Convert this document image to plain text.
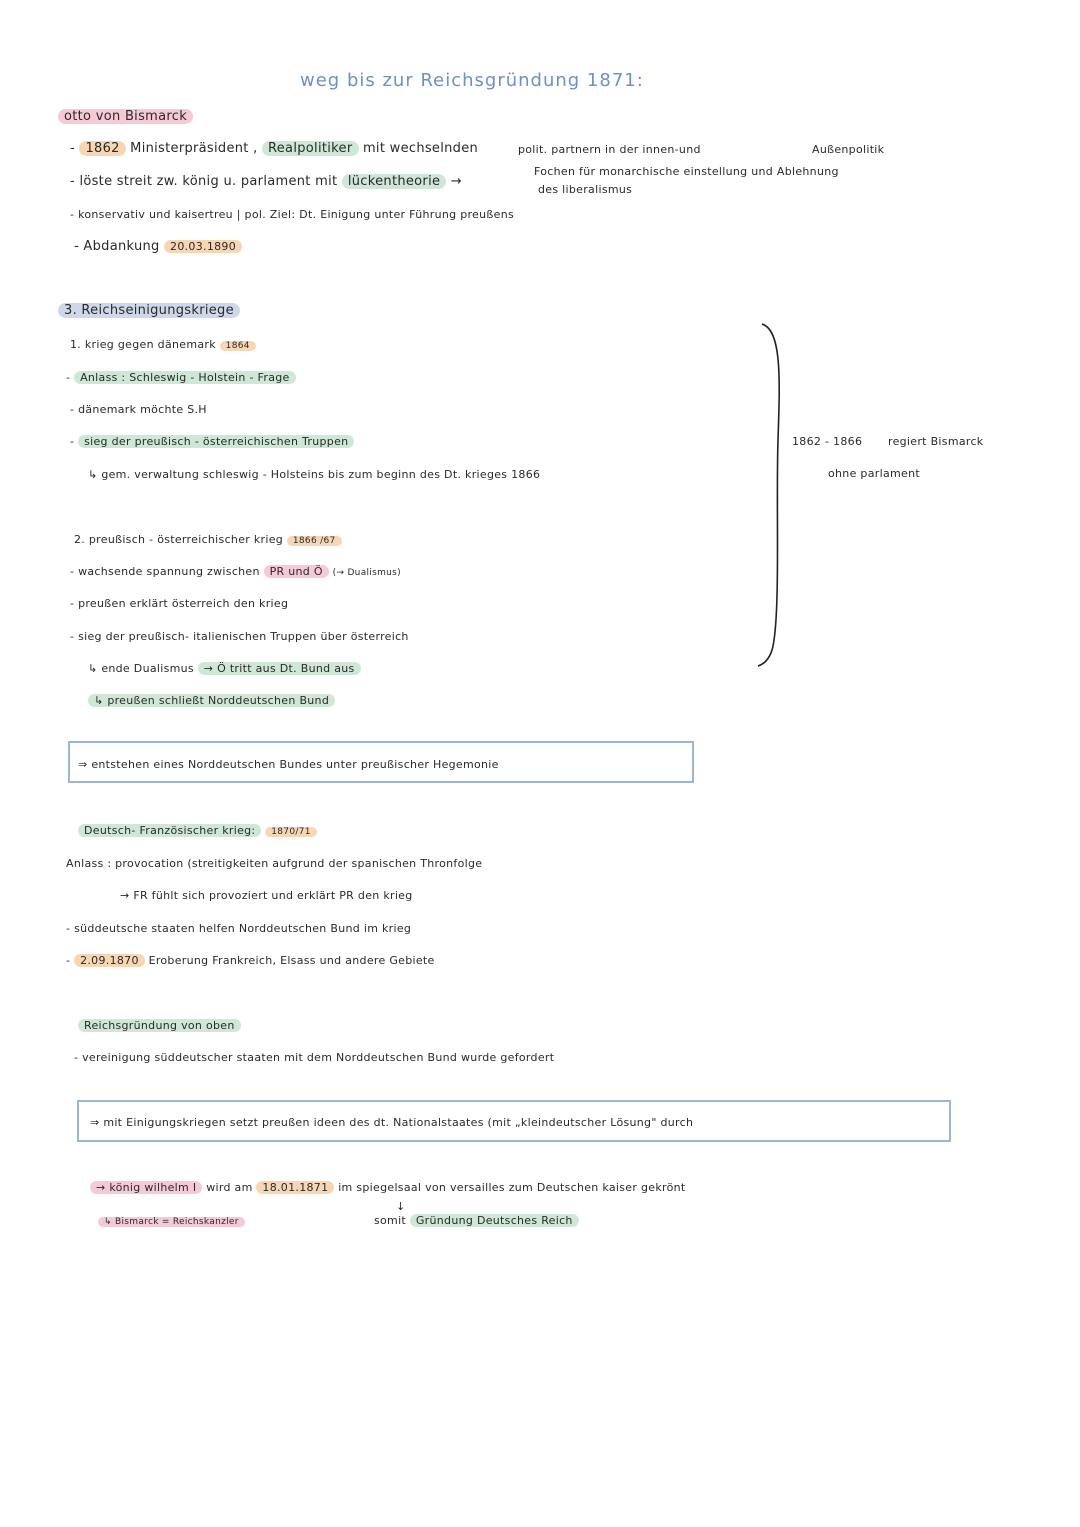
weg bis zur Reichsgründung 1871:
otto von Bismarck
- 1862 Ministerpräsident , Realpolitiker mit wechselnden	polit. partnern in der innen-und	Außenpolitik
- löste streit zw. könig u. parlament mit lückentheorie →
Fochen für monarchische einstellung und Ablehnung
des liberalismus
- konservativ und kaisertreu | pol. Ziel: Dt. Einigung unter Führung preußens
- Abdankung 20.03.1890
3. Reichseinigungskriege
1. krieg gegen dänemark 1864
- Anlass : Schleswig - Holstein - Frage
- dänemark möchte S.H
- sieg der preußisch - österreichischen Truppen
↳ gem. verwaltung schleswig - Holsteins bis zum beginn des Dt. krieges 1866
2. preußisch - österreichischer krieg 1866 /67
- wachsende spannung zwischen PR und Ö (→ Dualismus)
- preußen erklärt österreich den krieg
- sieg der preußisch- italienischen Truppen über österreich
↳ ende Dualismus → Ö tritt aus Dt. Bund aus
↳ preußen schließt Norddeutschen Bund
⇒ entstehen eines Norddeutschen Bundes unter preußischer Hegemonie
1862 - 1866 regiert Bismarck
ohne parlament
Deutsch- Französischer krieg: 1870/71
Anlass : provocation (streitigkeiten aufgrund der spanischen Thronfolge
→ FR fühlt sich provoziert und erklärt PR den krieg
- süddeutsche staaten helfen Norddeutschen Bund im krieg
- 2.09.1870 Eroberung Frankreich, Elsass und andere Gebiete
Reichsgründung von oben
- vereinigung süddeutscher staaten mit dem Norddeutschen Bund wurde gefordert
⇒ mit Einigungskriegen setzt preußen ideen des dt. Nationalstaates (mit „kleindeutscher Lösung" durch
→ könig wilhelm I wird am 18.01.1871 im spiegelsaal von versailles zum Deutschen kaiser gekrönt
↓
↳ Bismarck = Reichskanzler	somit Gründung Deutsches Reich
